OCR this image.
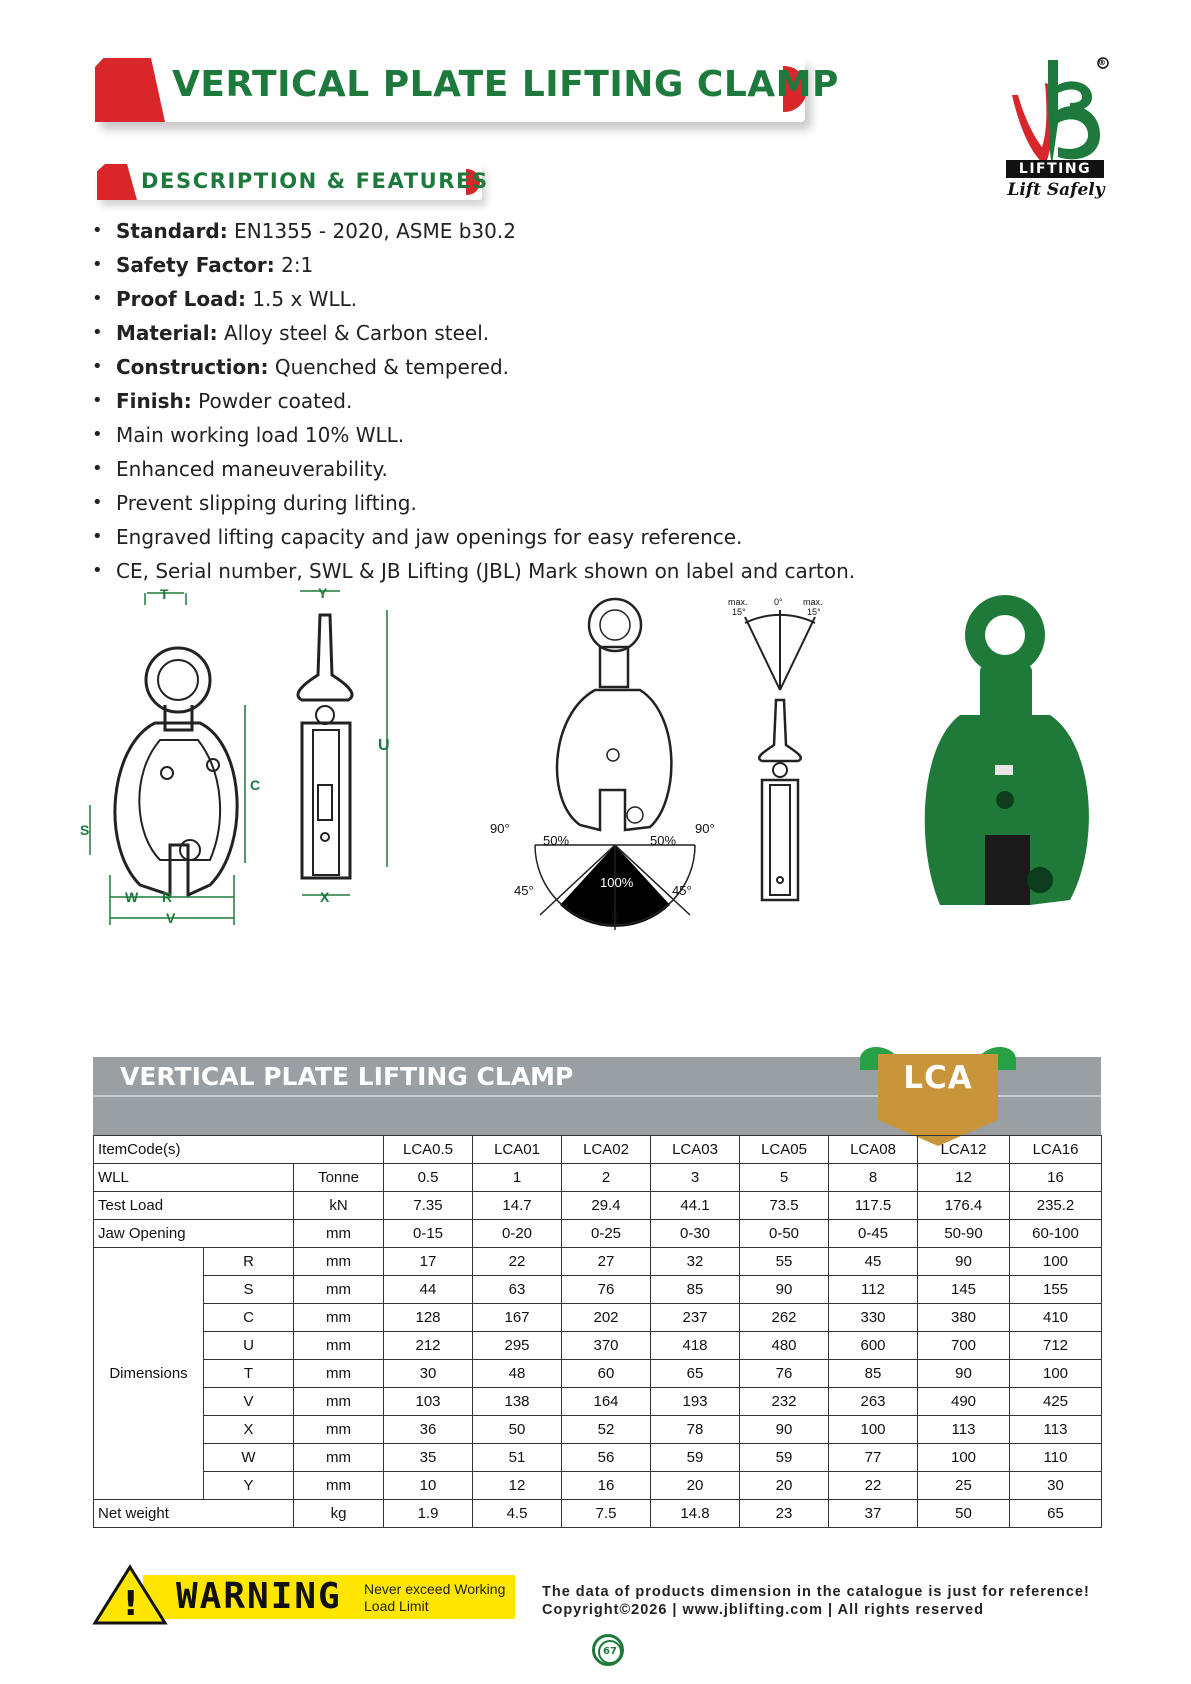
VERTICAL PLATE LIFTING CLAMP
DESCRIPTION & FEATURES
®
LIFTING
Lift Safely
• Standard: EN1355 - 2020, ASME b30.2
• Safety Factor: 2:1
• Proof Load: 1.5 x WLL.
• Material: Alloy steel & Carbon steel.
• Construction: Quenched & tempered.
• Finish: Powder coated.
• Main working load 10% WLL.
• Enhanced maneuverability.
• Prevent slipping during lifting.
• Engraved lifting capacity and jaw openings for easy reference.
• CE, Serial number, SWL & JB Lifting (JBL) Mark shown on label and carton.
T
C
S
W R
V
Y
U
X
90°	90°
50%	50%
100%
45°	45°
0
max.
15°
0° max.
15°
VERTICAL PLATE LIFTING CLAMP	LCA
ItemCode(s)			LCA0.5	LCA01	LCA02	LCA03	LCA05	LCA08	LCA12	LCA16
WLL		Tonne	0.5	1	2	3	5	8	12	16
Test Load		kN	7.35	14.7	29.4	44.1	73.5	117.5	176.4	235.2
Jaw Opening		mm	0-15	0-20	0-25	0-30	0-50	0-45	50-90	60-100
Dimensions	R	mm	17	22	27	32	55	45	90	100
	S	mm	44	63	76	85	90	112	145	155
	C	mm	128	167	202	237	262	330	380	410
	U	mm	212	295	370	418	480	600	700	712
	T	mm	30	48	60	65	76	85	90	100
	V	mm	103	138	164	193	232	263	490	425
	X	mm	36	50	52	78	90	100	113	113
	W	mm	35	51	56	59	59	77	100	110
	Y	mm	10	12	16	20	20	22	25	30
Net weight		kg	1.9	4.5	7.5	14.8	23	37	50	65
! WARNING Never exceed Working Load Limit
The data of products dimension in the catalogue is just for reference!
Copyright©2026 | www.jblifting.com | All rights reserved
67
